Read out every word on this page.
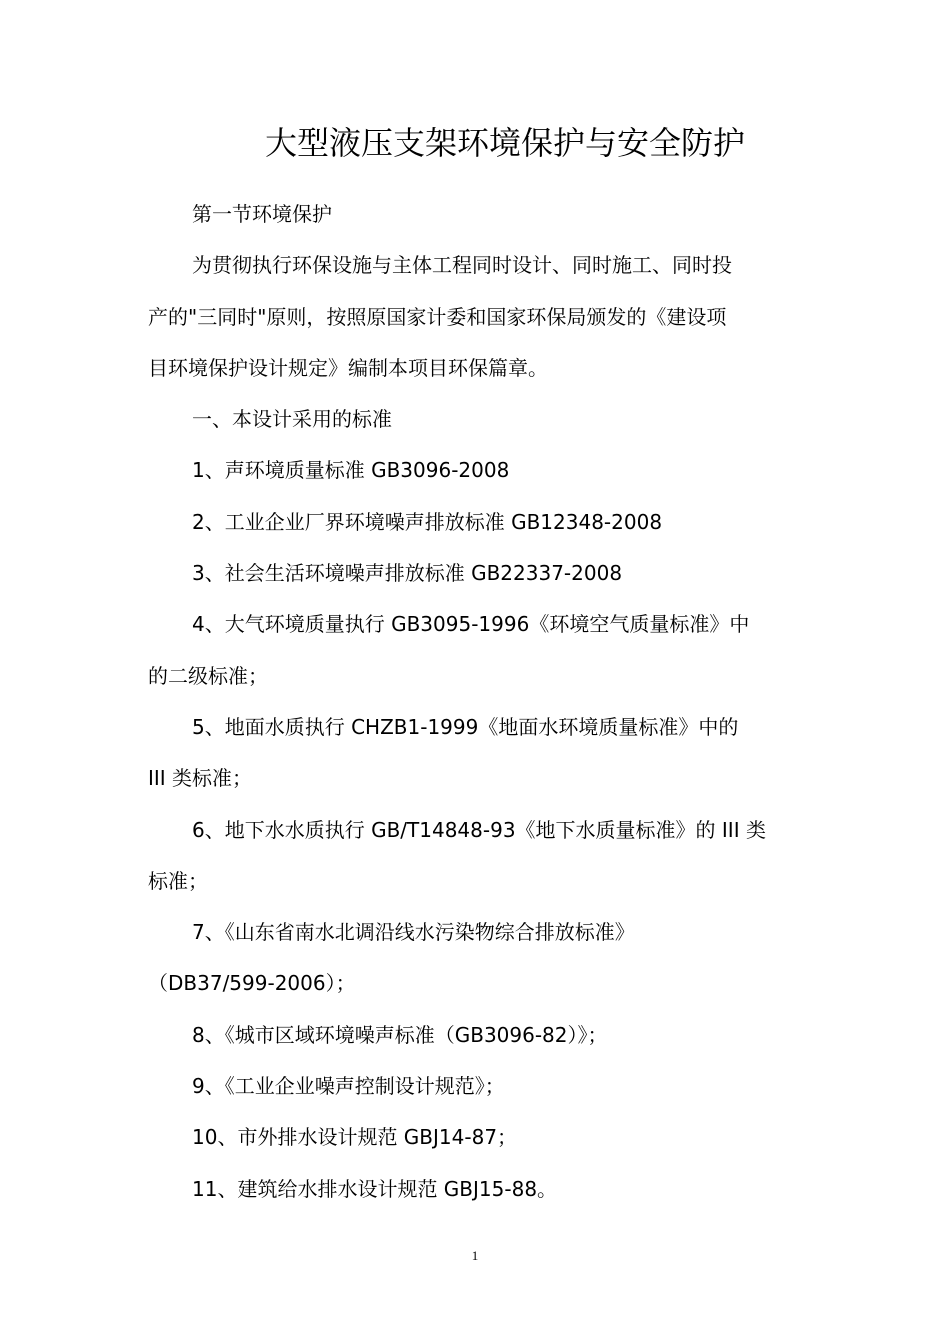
大型液压支架环境保护与安全防护
第一节环境保护
为贯彻执行环保设施与主体工程同时设计、同时施工、同时投
产的"三同时"原则，按照原国家计委和国家环保局颁发的《建设项
目环境保护设计规定》编制本项目环保篇章。
一、本设计采用的标准
1、声环境质量标准 GB3096-2008
2、工业企业厂界环境噪声排放标准 GB12348-2008
3、社会生活环境噪声排放标准 GB22337-2008
4、大气环境质量执行 GB3095-1996《环境空气质量标准》中
的二级标准；
5、地面水质执行 CHZB1-1999《地面水环境质量标准》中的
III 类标准；
6、地下水水质执行 GB/T14848-93《地下水质量标准》的 III 类
标准；
7、《山东省南水北调沿线水污染物综合排放标准》
（DB37/599-2006）；
8、《城市区域环境噪声标准（GB3096-82）》；
9、《工业企业噪声控制设计规范》；
10、市外排水设计规范 GBJ14-87；
11、建筑给水排水设计规范 GBJ15-88。
1
